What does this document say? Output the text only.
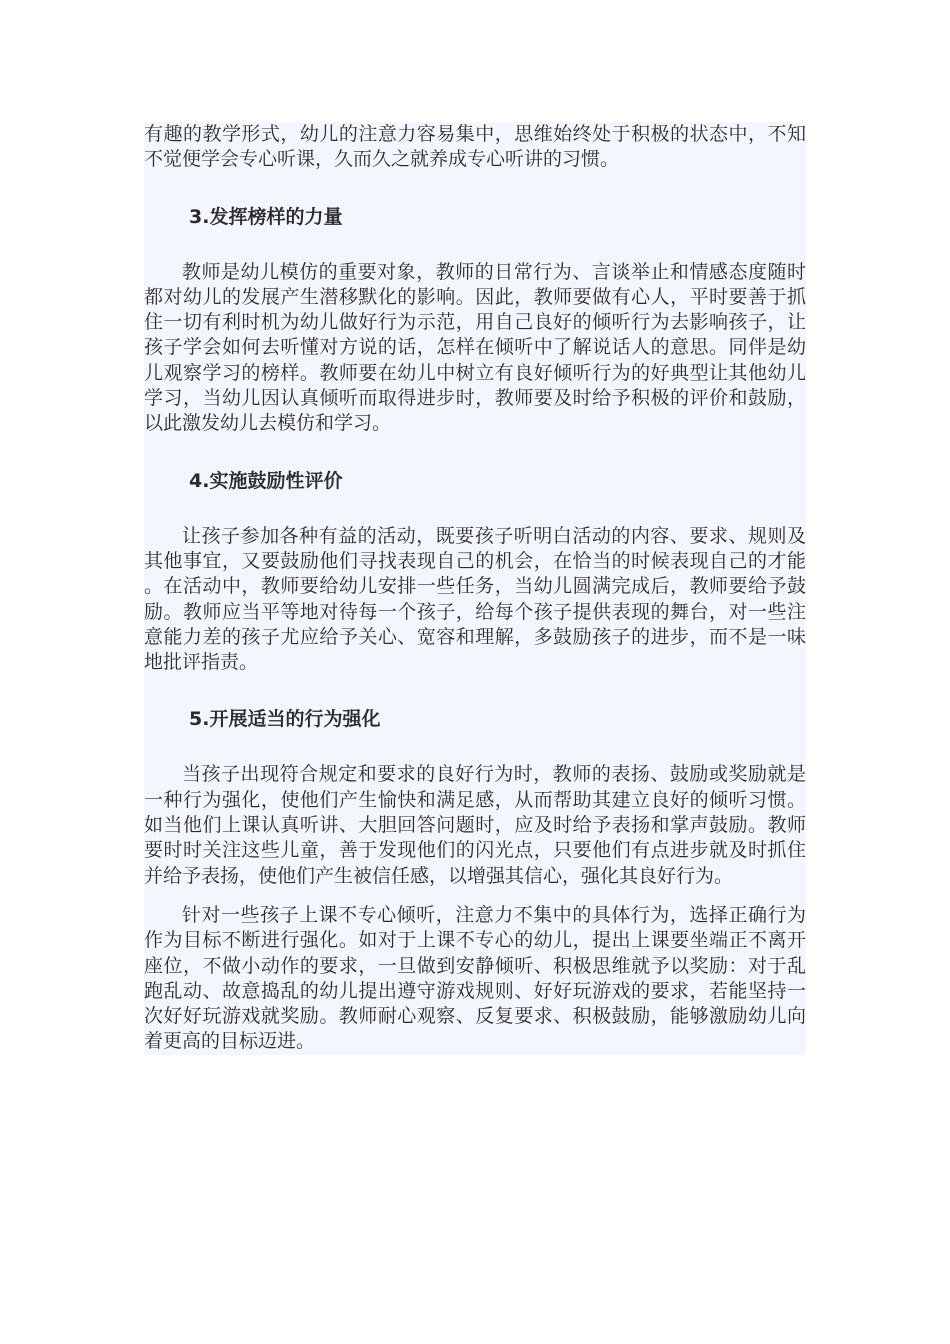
有趣的教学形式，幼儿的注意力容易集中，思维始终处于积极的状态中，不知不觉便学会专心听课，久而久之就养成专心听讲的习惯。

3.发挥榜样的力量

教师是幼儿模仿的重要对象，教师的日常行为、言谈举止和情感态度随时都对幼儿的发展产生潜移默化的影响。因此，教师要做有心人，平时要善于抓住一切有利时机为幼儿做好行为示范，用自己良好的倾听行为去影响孩子，让孩子学会如何去听懂对方说的话，怎样在倾听中了解说话人的意思。同伴是幼儿观察学习的榜样。教师要在幼儿中树立有良好倾听行为的好典型让其他幼儿学习，当幼儿因认真倾听而取得进步时，教师要及时给予积极的评价和鼓励，以此激发幼儿去模仿和学习。

4.实施鼓励性评价

让孩子参加各种有益的活动，既要孩子听明白活动的内容、要求、规则及其他事宜，又要鼓励他们寻找表现自己的机会，在恰当的时候表现自己的才能。在活动中，教师要给幼儿安排一些任务，当幼儿圆满完成后，教师要给予鼓励。教师应当平等地对待每一个孩子，给每个孩子提供表现的舞台，对一些注意能力差的孩子尤应给予关心、宽容和理解，多鼓励孩子的进步，而不是一味地批评指责。

5.开展适当的行为强化

当孩子出现符合规定和要求的良好行为时，教师的表扬、鼓励或奖励就是一种行为强化，使他们产生愉快和满足感，从而帮助其建立良好的倾听习惯。如当他们上课认真听讲、大胆回答问题时，应及时给予表扬和掌声鼓励。教师要时时关注这些儿童，善于发现他们的闪光点，只要他们有点进步就及时抓住并给予表扬，使他们产生被信任感，以增强其信心，强化其良好行为。

针对一些孩子上课不专心倾听，注意力不集中的具体行为，选择正确行为作为目标不断进行强化。如对于上课不专心的幼儿，提出上课要坐端正不离开座位，不做小动作的要求，一旦做到安静倾听、积极思维就予以奖励：对于乱跑乱动、故意捣乱的幼儿提出遵守游戏规则、好好玩游戏的要求，若能坚持一次好好玩游戏就奖励。教师耐心观察、反复要求、积极鼓励，能够激励幼儿向着更高的目标迈进。
